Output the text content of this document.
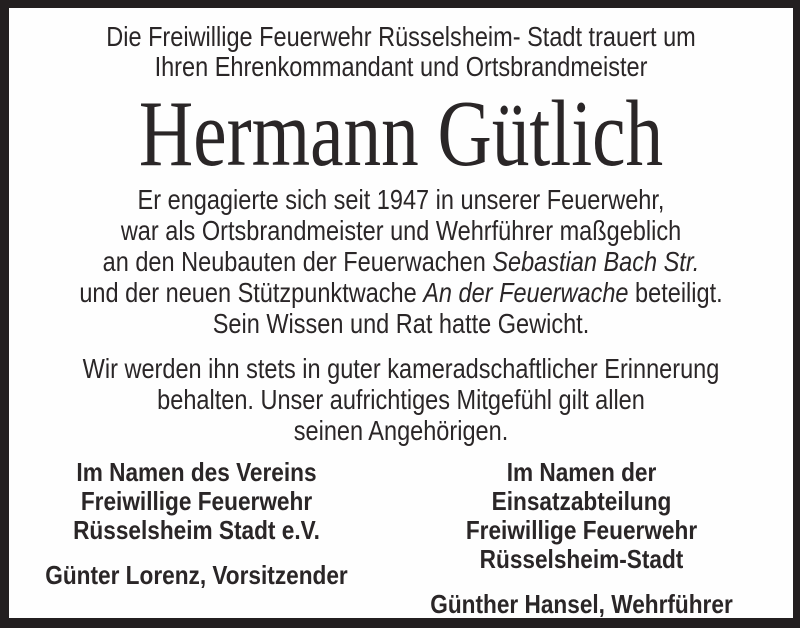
Die Freiwillige Feuerwehr Rüsselsheim- Stadt trauert um
Ihren Ehrenkommandant und Ortsbrandmeister
Hermann Gütlich
Er engagierte sich seit 1947 in unserer Feuerwehr,
war als Ortsbrandmeister und Wehrführer maßgeblich
an den Neubauten der Feuerwachen Sebastian Bach Str.
und der neuen Stützpunktwache An der Feuerwache beteiligt.
Sein Wissen und Rat hatte Gewicht.
Wir werden ihn stets in guter kameradschaftlicher Erinnerung
behalten. Unser aufrichtiges Mitgefühl gilt allen
seinen Angehörigen.
Im Namen des Vereins
Freiwillige Feuerwehr
Rüsselsheim Stadt e.V.
Günter Lorenz, Vorsitzender
Im Namen der Einsatzabteilung
Freiwillige Feuerwehr
Rüsselsheim-Stadt
Günther Hansel, Wehrführer
